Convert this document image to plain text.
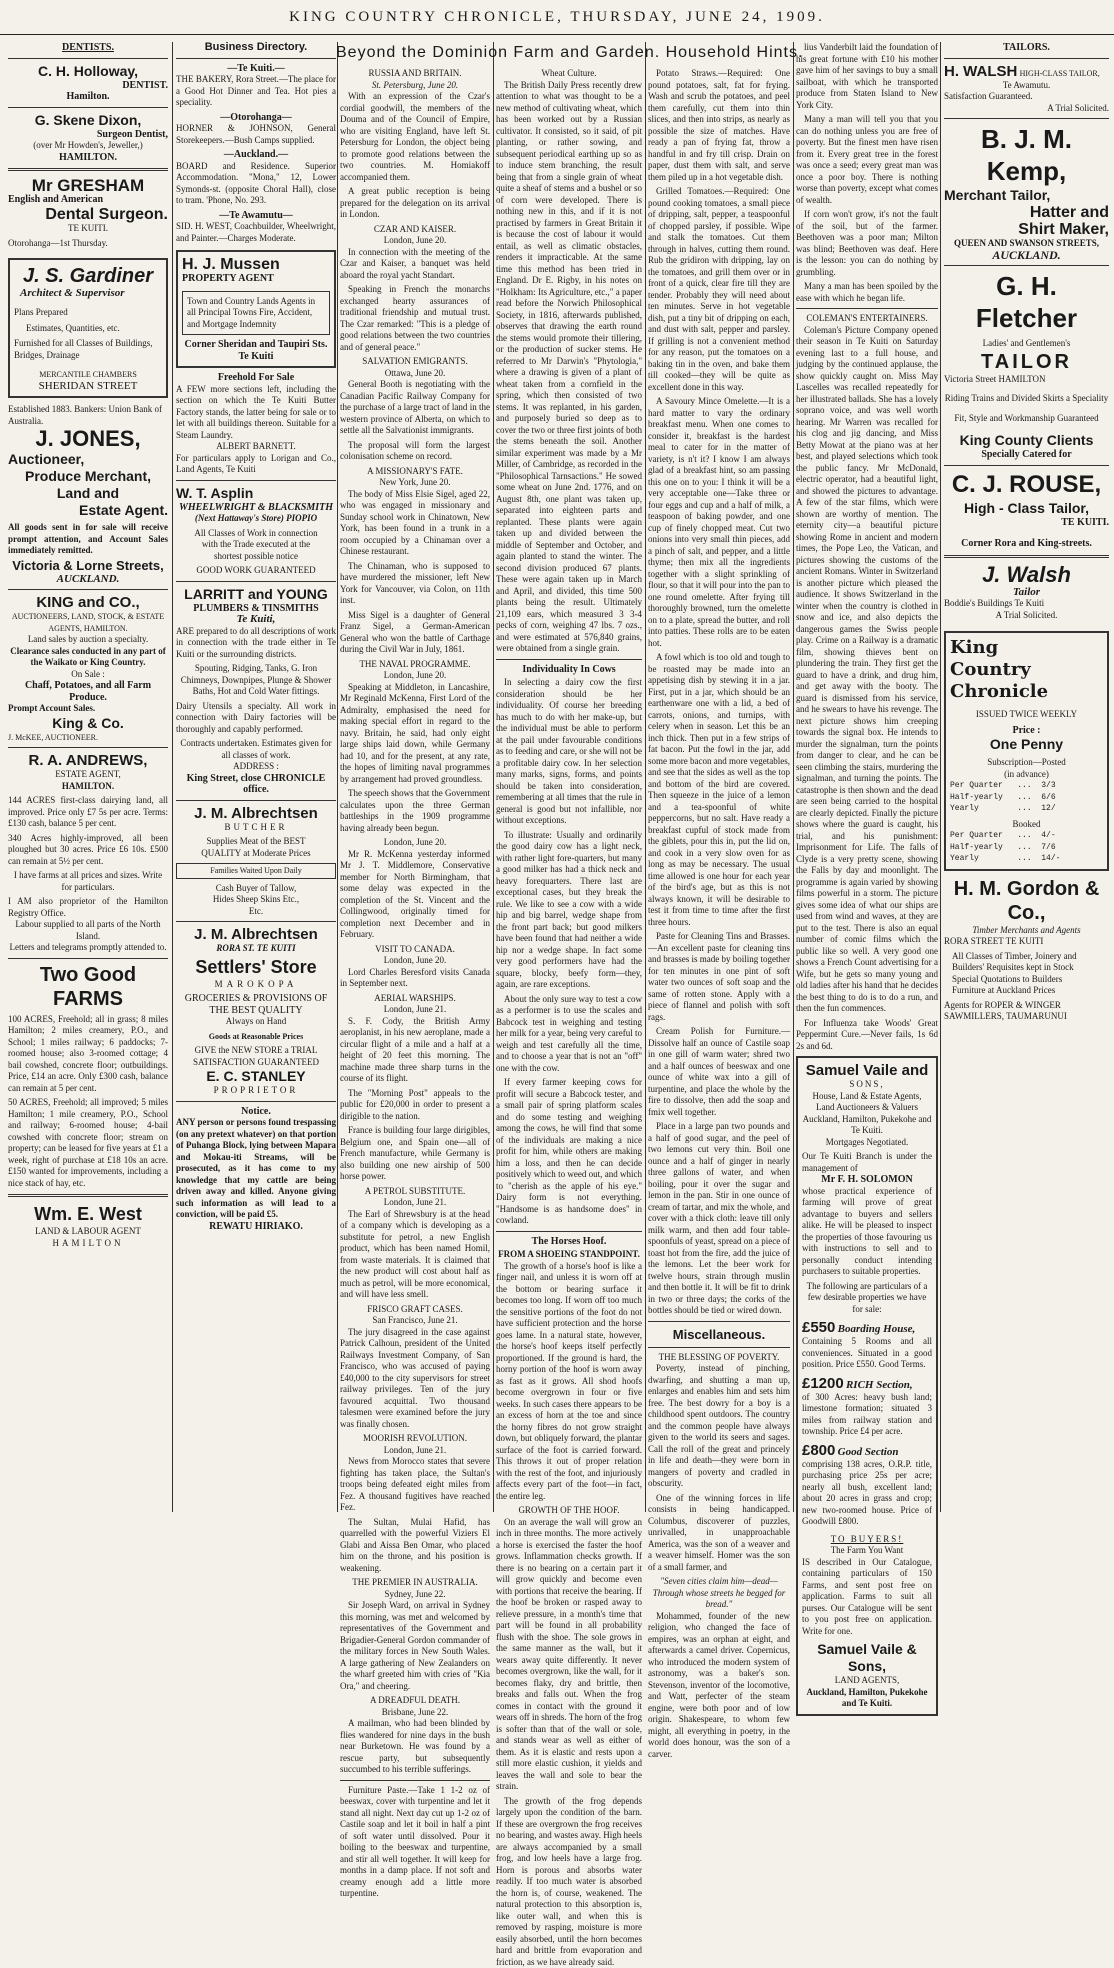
KING COUNTRY CHRONICLE, THURSDAY, JUNE 24, 1909.
Beyond the Dominion Farm and Garden. Household Hints.
DENTISTS.
C. H. Holloway,
DENTIST.
Hamilton.
G. Skene Dixon,
Surgeon Dentist,
(over Mr Howden's, Jeweller,)
HAMILTON.
Mr GRESHAM
English and American
Dental Surgeon.
TE KUITI.
Otorohanga—1st Thursday.
J. S. Gardiner
Architect & Supervisor
Plans Prepared
Estimates, Quantities, etc.
Furnished for all Classes of Buildings, Bridges, Drainage
MERCANTILE CHAMBERS
SHERIDAN STREET
Established 1883. Bankers: Union Bank of Australia.
J. JONES,
Auctioneer,
Produce Merchant,
Land and
Estate Agent.
All goods sent in for sale will receive prompt attention, and Account Sales immediately remitted.
Victoria & Lorne Streets,
AUCKLAND.
KING and CO.,
AUCTIONEERS, LAND, STOCK, & ESTATE AGENTS, HAMILTON.
Land sales by auction a specialty.
Clearance sales conducted in any part of the Waikato or King Country.
On Sale :
Chaff, Potatoes, and all Farm Produce.
Prompt Account Sales.
King & Co.
J. McKEE, AUCTIONEER.
R. A. ANDREWS,
ESTATE AGENT,
HAMILTON.
144 ACRES first-class dairying land, all improved. Price only £7 5s per acre. Terms: £130 cash, balance 5 per cent.
340 Acres highly-improved, all been ploughed but 30 acres. Price £6 10s. £500 can remain at 5½ per cent.
I have farms at all prices and sizes. Write for particulars.
I AM also proprietor of the Hamilton Registry Office.
Labour supplied to all parts of the North Island.
Letters and telegrams promptly attended to.
Two Good FARMS
100 ACRES, Freehold; all in grass; 8 miles Hamilton; 2 miles creamery, P.O., and School; 1 miles railway; 6 paddocks; 7-roomed house; also 3-roomed cottage; 4 bail cowshed, concrete floor; outbuildings. Price, £14 an acre. Only £300 cash, balance can remain at 5 per cent.
50 ACRES, Freehold; all improved; 5 miles Hamilton; 1 mile creamery, P.O., School and railway; 6-roomed house; 4-bail cowshed with concrete floor; stream on property; can be leased for five years at £1 a week, right of purchase at £18 10s an acre. £150 wanted for improvements, including a nice stack of hay, etc.
Wm. E. West
LAND & LABOUR AGENT
HAMILTON
Business Directory.
—Te Kuiti.—
THE BAKERY, Rora Street.—The place for a Good Hot Dinner and Tea. Hot pies a speciality.
—Otorohanga—
HORNER & JOHNSON, General Storekeepers.—Bush Camps supplied.
—Auckland.—
BOARD and Residence. Superior Accommodation. "Mona," 12, Lower Symonds-st. (opposite Choral Hall), close to tram. 'Phone, No. 293.
—Te Awamutu—
SID. H. WEST, Coachbuilder, Wheelwright, and Painter.—Charges Moderate.
H. J. Mussen
PROPERTY AGENT
Town and Country Lands Agents in all Principal Towns Fire, Accident, and Mortgage Indemnity
Corner Sheridan and Taupiri Sts. Te Kuiti
Freehold For Sale
A FEW more sections left, including the section on which the Te Kuiti Butter Factory stands, the latter being for sale or to let with all buildings thereon. Suitable for a Steam Laundry.
ALBERT BARNETT.
For particulars apply to Lorigan and Co., Land Agents, Te Kuiti
W. T. Asplin
WHEELWRIGHT & BLACKSMITH
(Next Hattaway's Store) PIOPIO
All Classes of Work in connection with the Trade executed at the shortest possible notice
GOOD WORK GUARANTEED
LARRITT and YOUNG
PLUMBERS & TINSMITHS
Te Kuiti,
ARE prepared to do all descriptions of work in connection with the trade either in Te Kuiti or the surrounding districts.
Spouting, Ridging, Tanks, G. Iron Chimneys, Downpipes, Plunge & Shower Baths, Hot and Cold Water fittings.
Dairy Utensils a specialty. All work in connection with Dairy factories will be thoroughly and capably performed.
Contracts undertaken. Estimates given for all classes of work.
ADDRESS :
King Street, close CHRONICLE office.
J. M. Albrechtsen
BUTCHER
Supplies Meat of the BEST QUALITY at Moderate Prices
Families Waited Upon Daily
Cash Buyer of Tallow, Hides Sheep Skins Etc., Etc.
J. M. Albrechtsen
RORA ST. TE KUITI
Settlers' Store
MAROKOPA
GROCERIES & PROVISIONS OF THE BEST QUALITY
Always on Hand
Goods at Reasonable Prices
GIVE the NEW STORE a TRIAL SATISFACTION GUARANTEED
E. C. STANLEY
PROPRIETOR
Notice.
ANY person or persons found trespassing (on any pretext whatever) on that portion of Puhanga Block, lying between Mapara and Mokau-iti Streams, will be prosecuted, as it has come to my knowledge that my cattle are being driven away and killed. Anyone giving such information as will lead to a conviction, will be paid £5.
REWATU HIRIAKO.
RUSSIA AND BRITAIN.
St. Petersburg, June 20.
With an expression of the Czar's cordial goodwill, the members of the Douma and of the Council of Empire, who are visiting England, have left St. Petersburg for London, the object being to promote good relations between the two countries. M. Homiakoff accompanied them.
A great public reception is being prepared for the delegation on its arrival in London.
CZAR AND KAISER.
London, June 20.
In connection with the meeting of the Czar and Kaiser, a banquet was held aboard the royal yacht Standart.
Speaking in French the monarchs exchanged hearty assurances of traditional friendship and mutual trust. The Czar remarked: "This is a pledge of good relations between the two countries and of general peace."
SALVATION EMIGRANTS.
Ottawa, June 20.
General Booth is negotiating with the Canadian Pacific Railway Company for the purchase of a large tract of land in the western province of Alberta, on which to settle all the Salvationist immigrants.
The proposal will form the largest colonisation scheme on record.
A MISSIONARY'S FATE.
New York, June 20.
The body of Miss Elsie Sigel, aged 22, who was engaged in missionary and Sunday school work in Chinatown, New York, has been found in a trunk in a room occupied by a Chinaman over a Chinese restaurant.
The Chinaman, who is supposed to have murdered the missioner, left New York for Vancouver, via Colon, on 11th inst.
Miss Sigel is a daughter of General Franz Sigel, a German-American General who won the battle of Carthage during the Civil War in July, 1861.
THE NAVAL PROGRAMME.
London, June 20.
Speaking at Middleton, in Lancashire, Mr Reginald McKenna, First Lord of the Admiralty, emphasised the need for making special effort in regard to the navy. Britain, he said, had only eight large ships laid down, while Germany had 10, and for the present, at any rate, the hopes of limiting naval programmes by arrangement had proved groundless.
The speech shows that the Government calculates upon the three German battleships in the 1909 programme having already been begun.
London, June 20.
Mr R. McKenna yesterday informed Mr J. T. Middlemore, Conservative member for North Birmingham, that some delay was expected in the completion of the St. Vincent and the Collingwood, originally timed for completion next December and in February.
VISIT TO CANADA.
London, June 20.
Lord Charles Beresford visits Canada in September next.
AERIAL WARSHIPS.
London, June 21.
S. F. Cody, the British Army aeroplanist, in his new aeroplane, made a circular flight of a mile and a half at a height of 20 feet this morning. The machine made three sharp turns in the course of its flight.
The "Morning Post" appeals to the public for £20,000 in order to present a dirigible to the nation.
France is building four large dirigibles, Belgium one, and Spain one—all of French manufacture, while Germany is also building one new airship of 500 horse power.
A PETROL SUBSTITUTE.
London, June 21.
The Earl of Shrewsbury is at the head of a company which is developing as a substitute for petrol, a new English product, which has been named Homil, from waste materials. It is claimed that the new product will cost about half as much as petrol, will be more economical, and will have less smell.
FRISCO GRAFT CASES.
San Francisco, June 21.
The jury disagreed in the case against Patrick Calhoun, president of the United Railways Investment Company, of San Francisco, who was accused of paying £40,000 to the city supervisors for street railway privileges. Ten of the jury favoured acquittal. Two thousand talesmen were examined before the jury was finally chosen.
MOORISH REVOLUTION.
London, June 21.
News from Morocco states that severe fighting has taken place, the Sultan's troops being defeated eight miles from Fez. A thousand fugitives have reached Fez.
The Sultan, Mulai Hafid, has quarrelled with the powerful Viziers El Glabi and Aissa Ben Omar, who placed him on the throne, and his position is weakening.
THE PREMIER IN AUSTRALIA.
Sydney, June 22.
Sir Joseph Ward, on arrival in Sydney this morning, was met and welcomed by representatives of the Government and Brigadier-General Gordon commander of the military forces in New South Wales. A large gathering of New Zealanders on the wharf greeted him with cries of "Kia Ora," and cheering.
A DREADFUL DEATH.
Brisbane, June 22.
A mailman, who had been blinded by flies wandered for nine days in the bush near Burketown. He was found by a rescue party, but subsequently succumbed to his terrible sufferings.
Furniture Paste.—Take 1 1-2 oz of beeswax, cover with turpentine and let it stand all night. Next day cut up 1-2 oz of Castile soap and let it boil in half a pint of soft water until dissolved. Pour it boiling to the beeswax and turpentine, and stir all well together. It will keep for months in a damp place. If not soft and creamy enough add a little more turpentine.
Wheat Culture.
The British Daily Press recently drew attention to what was thought to be a new method of cultivating wheat, which has been worked out by a Russian cultivator. It consisted, so it said, of pit planting, or rather sowing, and subsequent periodical earthing up so as to induce stem branching, the result being that from a single grain of wheat quite a sheaf of stems and a bushel or so of corn were developed. There is nothing new in this, and if it is not practised by farmers in Great Britain it is because the cost of labour it would entail, as well as climatic obstacles, renders it impracticable. At the same time this method has been tried in England. Dr E. Rigby, in his notes on "Holkham: Its Agriculture, etc.," a paper read before the Norwich Philosophical Society, in 1816, afterwards published, observes that drawing the earth round the stems would promote their tillering, or the production of sucker stems. He referred to Mr Darwin's "Phytologia," where a drawing is given of a plant of wheat taken from a cornfield in the spring, which then consisted of two stems. It was replanted, in his garden, and purposely buried so deep as to cover the two or three first joints of both the stems beneath the soil. Another similar experiment was made by a Mr Miller, of Cambridge, as recorded in the "Philosophical Tarnsactions." He sowed some wheat on June 2nd. 1776, and on August 8th, one plant was taken up, separated into eighteen parts and replanted. These plants were again taken up and divided between the middle of September and October, and again planted to stand the winter. The second division produced 67 plants. These were again taken up in March and April, and divided, this time 500 plants being the result. Ultimately 21,109 ears, which measured 3 3-4 pecks of corn, weighing 47 lbs. 7 ozs., and were estimated at 576,840 grains, were obtained from a single grain.
Individuality In Cows
In selecting a dairy cow the first consideration should be her individuality. Of course her breeding has much to do with her make-up, but the individual must be able to perform at the pail under favourable conditions as to feeding and care, or she will not be a profitable dairy cow. In her selection many marks, signs, forms, and points should be taken into consideration, remembering at all times that the rule in general is good but not infallible, nor without exceptions.
To illustrate: Usually and ordinarily the good dairy cow has a light neck, with rather light fore-quarters, but many a good milker has had a thick neck and heavy forequarters. There last are exceptional cases, but they break the rule. We like to see a cow with a wide hip and big barrel, wedge shape from the front part back; but good milkers have been found that had neither a wide hip nor a wedge shape. In fact some very good performers have had the square, blocky, beefy form—they, again, are rare exceptions.
About the only sure way to test a cow as a performer is to use the scales and Babcock test in weighing and testing her milk for a year, being very careful to weigh and test carefully all the time, and to choose a year that is not an "off" one with the cow.
If every farmer keeping cows for profit will secure a Babcock tester, and a small pair of spring platform scales and do some testing and weighing among the cows, he will find that some of the individuals are making a nice profit for him, while others are making him a loss, and then he can decide positively which to weed out, and which to "cherish as the apple of his eye." Dairy form is not everything. "Handsome is as handsome does" in cowland.
The Horses Hoof.
FROM A SHOEING STANDPOINT.
The growth of a horse's hoof is like a finger nail, and unless it is worn off at the bottom or bearing surface it becomes too long. If worn off too much the sensitive portions of the foot do not have sufficient protection and the horse goes lame. In a natural state, however, the horse's hoof keeps itself perfectly proportioned. If the ground is hard, the horny portion of the hoof is worn away as fast as it grows. All shod hoofs become overgrown in four or five weeks. In such cases there appears to be an excess of horn at the toe and since the horny fibres do not grow straight down, but obliquely forward, the plantar surface of the foot is carried forward. This throws it out of proper relation with the rest of the foot, and injuriously affects every part of the foot—in fact, the entire leg.
GROWTH OF THE HOOF.
On an average the wall will grow an inch in three months. The more actively a horse is exercised the faster the hoof grows. Inflammation checks growth. If there is no bearing on a certain part it will grow quickly and become even with portions that receive the bearing. If the hoof be broken or rasped away to relieve pressure, in a month's time that part will be found in all probability flush with the shoe. The sole grows in the same manner as the wall, but it wears away quite differently. It never becomes overgrown, like the wall, for it becomes flaky, dry and brittle, then breaks and falls out. When the frog comes in contact with the ground it wears off in shreds. The horn of the frog is softer than that of the wall or sole, and stands wear as well as either of them. As it is elastic and rests upon a still more elastic cushion, it yields and leaves the wall and sole to bear the strain.
The growth of the frog depends largely upon the condition of the barn. If these are overgrown the frog receives no bearing, and wastes away. High heels are always accompanied by a small frog, and low heels have a large frog. Horn is porous and absorbs water readily. If too much water is absorbed the horn is, of course, weakened. The natural protection to this absorption is, like outer wall, and when this is removed by rasping, moisture is more easily absorbed, until the horn becomes hard and brittle from evaporation and friction, as we have already said.
Potato Straws.—Required: One pound potatoes, salt, fat for frying. Wash and scrub the potatoes, and peel them carefully, cut them into thin slices, and then into strips, as nearly as possible the size of matches. Have ready a pan of frying fat, throw a handful in and fry till crisp. Drain on paper, dust them with salt, and serve them piled up in a hot vegetable dish.
Grilled Tomatoes.—Required: One pound cooking tomatoes, a small piece of dripping, salt, pepper, a teaspoonful of chopped parsley, if possible. Wipe and stalk the tomatoes. Cut them through in halves, cutting them round. Rub the gridiron with dripping, lay on the tomatoes, and grill them over or in front of a quick, clear fire till they are tender. Probably they will need about ten minutes. Serve in hot vegetable dish, put a tiny bit of dripping on each, and dust with salt, pepper and parsley. If grilling is not a convenient method for any reason, put the tomatoes on a baking tin in the oven, and bake them till cooked—they will be quite as excellent done in this way.
A Savoury Mince Omelette.—It is a hard matter to vary the ordinary breakfast menu. When one comes to consider it, breakfast is the hardest meal to cater for in the matter of variety, is n't it? I know I am always glad of a breakfast hint, so am passing this one on to you: I think it will be a very acceptable one—Take three or four eggs and cup and a half of milk, a teaspoon of baking powder, and one cup of finely chopped meat. Cut two onions into very small thin pieces, add a pinch of salt, and pepper, and a little thyme; then mix all the ingredients together with a slight sprinkling of flour, so that it will pour into the pan to one round omelette. After frying till thoroughly browned, turn the omelette on to a plate, spread the butter, and roll into patties. These rolls are to be eaten hot.
A fowl which is too old and tough to be roasted may be made into an appetising dish by stewing it in a jar. First, put in a jar, which should be an earthenware one with a lid, a bed of carrots, onions, and turnips, with celery when in season. Let this be an inch thick. Then put in a few strips of fat bacon. Put the fowl in the jar, add some more bacon and more vegetables, and see that the sides as well as the top and bottom of the bird are covered. Then squeeze in the juice of a lemon and a tea-spoonful of white peppercorns, but no salt. Have ready a breakfast cupful of stock made from the giblets, pour this in, put the lid on, and cook in a very slow oven for as long as may be necessary. The usual time allowed is one hour for each year of the bird's age, but as this is not always known, it will be desirable to test it from time to time after the first three hours.
Paste for Cleaning Tins and Brasses.—An excellent paste for cleaning tins and brasses is made by boiling together for ten minutes in one pint of soft water two ounces of soft soap and the same of rotten stone. Apply with a piece of flannel and polish with soft rags.
Cream Polish for Furniture.—Dissolve half an ounce of Castile soap in one gill of warm water; shred two and a half ounces of beeswax and one ounce of white wax into a gill of turpentine, and place the whole by the fire to dissolve, then add the soap and fmix well together.
Place in a large pan two pounds and a half of good sugar, and the peel of two lemons cut very thin. Boil one ounce and a half of ginger in nearly three gallons of water, and when boiling, pour it over the sugar and lemon in the pan. Stir in one ounce of cream of tartar, and mix the whole, and cover with a thick cloth: leave till only milk warm, and then add four table-spoonfuls of yeast, spread on a piece of toast hot from the fire, add the juice of the lemons. Let the beer work for twelve hours, strain through muslin and then bottle it. It will be fit to drink in two or three days; the corks of the bottles should be tied or wired down.
Miscellaneous.
THE BLESSING OF POVERTY.
Poverty, instead of pinching, dwarfing, and shutting a man up, enlarges and enables him and sets him free. The best dowry for a boy is a childhood spent outdoors. The country and the common people have always given to the world its seers and sages. Call the roll of the great and princely in life and death—they were born in mangers of poverty and cradled in obscurity.
One of the winning forces in life consists in being handicapped. Columbus, discoverer of puzzles, unrivalled, in unapproachable America, was the son of a weaver and a weaver himself. Homer was the son of a small farmer, and
"Seven cities claim him—dead—Through whose streets he begged for bread."
Mohammed, founder of the new religion, who changed the face of empires, was an orphan at eight, and afterwards a camel driver. Copernicus, who introduced the modern system of astronomy, was a baker's son. Stevenson, inventor of the locomotive, and Watt, perfecter of the steam engine, were both poor and of low origin. Shakespeare, to whom few might, all everything in poetry, in the world does honour, was the son of a carver.
lius Vanderbilt laid the foundation of his great fortune with £10 his mother gave him of her savings to buy a small sailboat, with which he transported produce from Staten Island to New York City.
Many a man will tell you that you can do nothing unless you are free of poverty. But the finest men have risen from it. Every great tree in the forest was once a seed; every great man was once a poor boy. There is nothing worse than poverty, except what comes of wealth.
If corn won't grow, it's not the fault of the soil, but of the farmer. Beethoven was a poor man; Milton was blind; Beethoven was deaf. Here is the lesson: you can do nothing by grumbling.
Many a man has been spoiled by the ease with which he began life.
COLEMAN'S ENTERTAINERS.
Coleman's Picture Company opened their season in Te Kuiti on Saturday evening last to a full house, and judging by the continued applause, the show quickly caught on. Miss May Lascelles was recalled repeatedly for her illustrated ballads. She has a lovely soprano voice, and was well worth hearing. Mr Warren was recalled for his clog and jig dancing, and Miss Betty Mowat at the piano was at her best, and played selections which took the public fancy. Mr McDonald, electric operator, had a beautiful light, and showed the pictures to advantage. A few of the star films, which were shown are worthy of mention. The eternity city—a beautiful picture showing Rome in ancient and modern times, the Pope Leo, the Vatican, and pictures showing the customs of the ancient Romans. Winter in Switzerland is another picture which pleased the audience. It shows Switzerland in the winter when the country is clothed in snow and ice, and also depicts the dangerous games the Swiss people play. Crime on a Railway is a dramatic film, showing thieves bent on plundering the train. They first get the guard to have a drink, and drug him, and get away with the booty. The guard is dismissed from his service, and he swears to have his revenge. The next picture shows him creeping towards the signal box. He intends to murder the signalman, turn the points from danger to clear, and he can be seen climbing the stairs, murdering the signalman, and turning the points. The catastrophe is then shown and the dead are seen being carried to the hospital are clearly depicted. Finally the picture shows where the guard is caught, his trial, and his punishment: Imprisonment for Life. The falls of Clyde is a very pretty scene, showing the Falls by day and moonlight. The programme is again varied by showing films powerful in a storm. The picture gives some idea of what our ships are used from wind and waves, at they are put to the test. There is also an equal number of comic films which the public like so well. A very good one shows a French Count advertising for a Wife, but he gets so many young and old ladies after his hand that he decides the best thing to do is to do a run, and then the fun commences.
For Influenza take Woods' Great Peppermint Cure.—Never fails, 1s 6d 2s and 6d.
Samuel Vaile and
SONS,
House, Land & Estate Agents,
Land Auctioneers & Valuers
Auckland, Hamilton, Pukekohe and Te Kuiti.
Mortgages Negotiated.
Our Te Kuiti Branch is under the management of
Mr F. H. SOLOMON
whose practical experience of farming will prove of great advantage to buyers and sellers alike. He will be pleased to inspect the properties of those favouring us with instructions to sell and to personally conduct intending purchasers to suitable properties.
The following are particulars of a few desirable properties we have for sale:
£550 Boarding House,
Containing 5 Rooms and all conveniences. Situated in a good position. Price £550. Good Terms.
£1200 RICH Section,
of 300 Acres: heavy bush land; limestone formation; situated 3 miles from railway station and township. Price £4 per acre.
£800 Good Section
comprising 138 acres, O.R.P. title, purchasing price 25s per acre; nearly all bush, excellent land; about 20 acres in grass and crop; new two-roomed house. Price of Goodwill £800.
TO BUYERS!
The Farm You Want
IS described in Our Catalogue, containing particulars of 150 Farms, and sent post free on application. Farms to suit all purses. Our Catalogue will be sent to you post free on application. Write for one.
Samuel Vaile & Sons,
LAND AGENTS,
Auckland, Hamilton, Pukekohe and Te Kuiti.
TAILORS.
H. WALSH HIGH-CLASS TAILOR,
Te Awamutu.
Satisfaction Guaranteed.
A Trial Solicited.
B. J. M. Kemp,
Merchant Tailor,
Hatter and
Shirt Maker,
QUEEN AND SWANSON STREETS,
AUCKLAND.
G. H. Fletcher
Ladies' and Gentlemen's
TAILOR
Victoria Street HAMILTON
Riding Trains and Divided Skirts a Speciality
Fit, Style and Workmanship Guaranteed
King County Clients
Specially Catered for
C. J. ROUSE,
High - Class Tailor,
TE KUITI.
Corner Rora and King-streets.
J. Walsh
Tailor
Boddie's Buildings Te Kuiti
A Trial Solicited.
King
Country
Chronicle
ISSUED TWICE WEEKLY
Price :
One Penny
Subscription—Posted
(in advance)
Per Quarter   ...  3/3
Half-yearly   ...  6/6
Yearly        ...  12/
Booked
Per Quarter   ...  4/-
Half-yearly   ...  7/6
Yearly        ...  14/-
H. M. Gordon & Co.,
Timber Merchants and Agents
RORA STREET TE KUITI
All Classes of Timber, Joinery and Builders' Requisites kept in Stock
Special Quotations to Builders
Furniture at Auckland Prices
Agents for ROPER & WINGER SAWMILLERS, TAUMARUNUI
